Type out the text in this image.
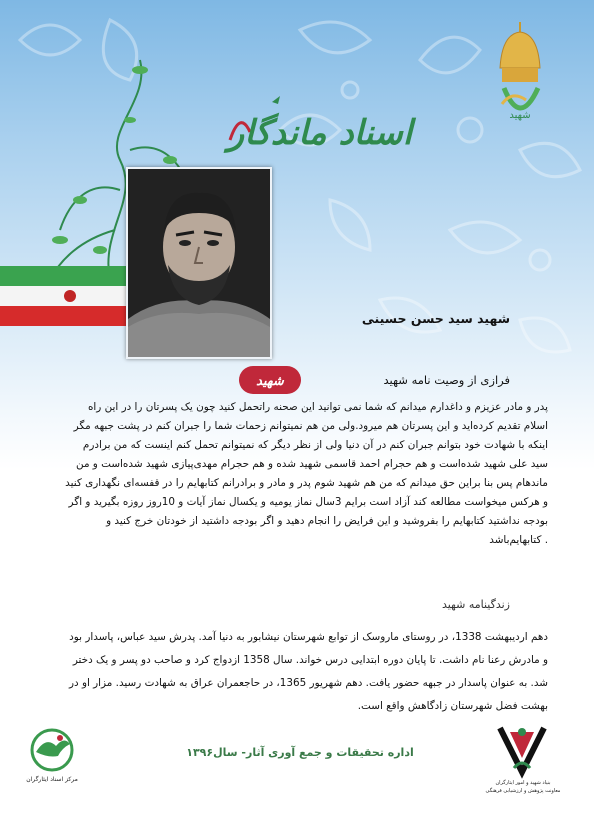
شهید
اسناد ماندگار
شهید سید حسن حسینی
شهید	فرازی از وصیت نامه شهید

پدر و مادر عزیزم و داغدارم میدانم که شما نمی توانید این صحنه راتحمل کنید چون یک پسرتان را در این راه

اسلام تقدیم کرده‌اید و این پسرتان هم میرود.ولی من هم نمیتوانم زحمات شما را جبران کنم در پشت جبهه مگر

اینکه با شهادت خود بتوانم جبران کنم در آن دنیا ولی از نظر دیگر که نمیتوانم تحمل کنم اینست که من برادرم

سید علی شهید شده‌است و هم حجرام احمد قاسمی شهید شده و هم حجرام مهدی‌پیازی شهید شده‌است و من

ماندهام پس بنا براین حق میدانم که من هم شهید شوم پدر و مادر و برادرانم کتابهایم را در قفسه‌ای نگهداری کنید

و هرکس میخواست مطالعه کند آزاد است برایم 3سال نماز یومیه و یکسال نماز آیات و 10روز روزه بگیرید و اگر

بودجه نداشتید کتابهایم را بفروشید و این فرایض را انجام دهید و اگر بودجه داشتید از خودتان خرج کنید و

. کتابهایم‌باشد

زندگینامه شهید

دهم اردیبهشت 1338، در روستای ماروسک از توابع شهرستان نیشابور به دنیا آمد. پدرش سید عباس، پاسدار بود

و مادرش رعنا نام داشت. تا پایان دوره ابتدایی درس خواند. سال 1358 ازدواج کرد و صاحب دو پسر و یک دختر

شد. به عنوان پاسدار در جبهه حضور یافت. دهم شهریور 1365، در حاجعمران عراق به شهادت رسید. مزار او در

بهشت فضل شهرستان زادگاهش واقع است.

مرکز اسناد ایثارگران
اداره تحقیقات و جمع آوری آثار- سال۱۳۹۶
بنیاد شهید و امور ایثارگران
معاونت پژوهش و ارزشیابی فرهنگی
